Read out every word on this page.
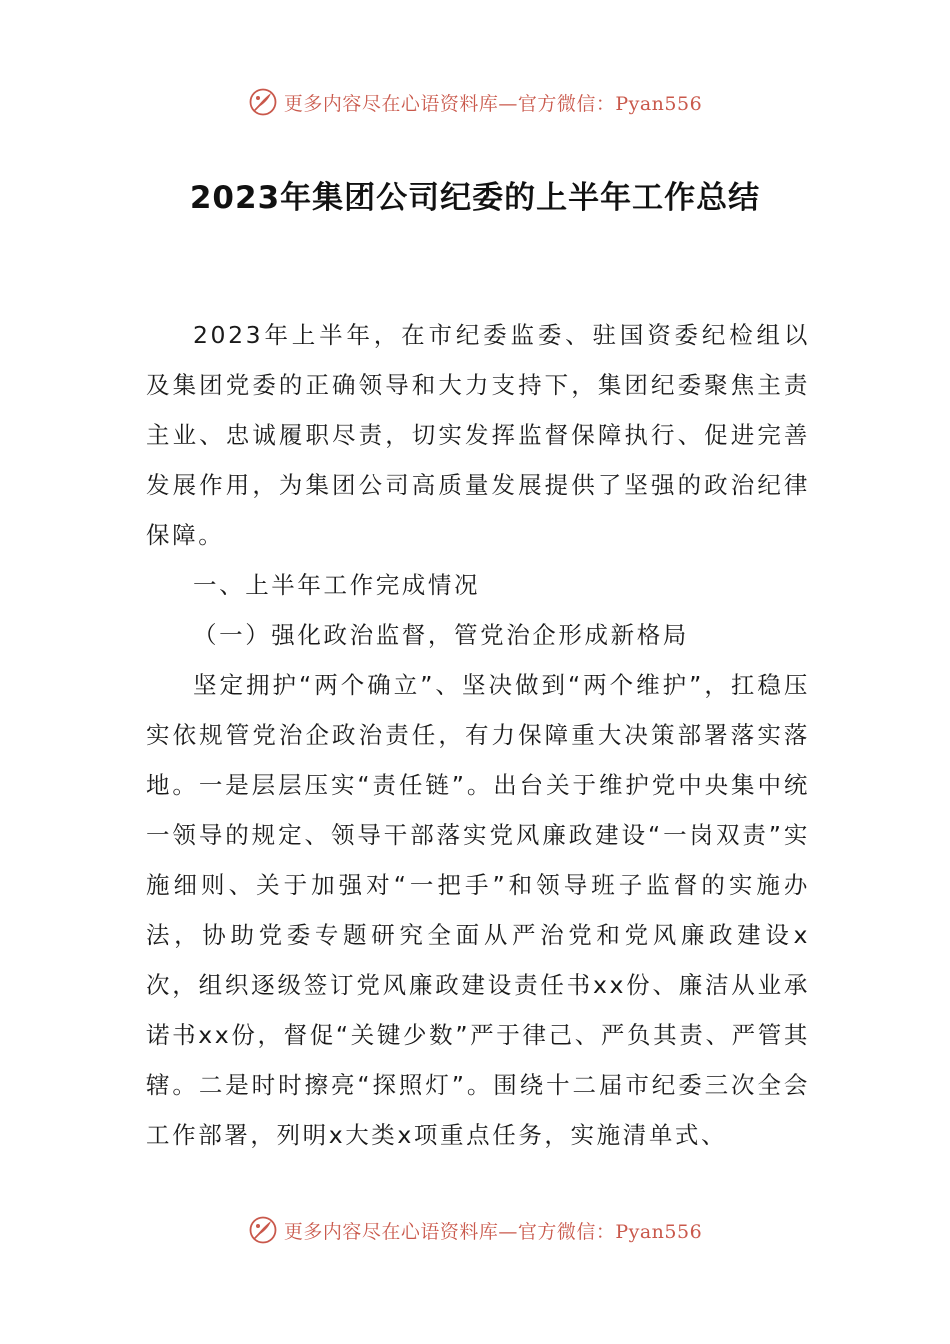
更多内容尽在心语资料库—官方微信：Pyan556
2023年集团公司纪委的上半年工作总结

2023年上半年，在市纪委监委、驻国资委纪检组以及集团党委的正确领导和大力支持下，集团纪委聚焦主责主业、忠诚履职尽责，切实发挥监督保障执行、促进完善发展作用，为集团公司高质量发展提供了坚强的政治纪律保障。

一、上半年工作完成情况

（一）强化政治监督，管党治企形成新格局

坚定拥护“两个确立”、坚决做到“两个维护”，扛稳压实依规管党治企政治责任，有力保障重大决策部署落实落地。一是层层压实“责任链”。出台关于维护党中央集中统一领导的规定、领导干部落实党风廉政建设“一岗双责”实施细则、关于加强对“一把手”和领导班子监督的实施办法，协助党委专题研究全面从严治党和党风廉政建设x次，组织逐级签订党风廉政建设责任书xx份、廉洁从业承诺书xx份，督促“关键少数”严于律己、严负其责、严管其辖。二是时时擦亮“探照灯”。围绕十二届市纪委三次全会工作部署，列明x大类x项重点任务，实施清单式、

更多内容尽在心语资料库—官方微信：Pyan556
